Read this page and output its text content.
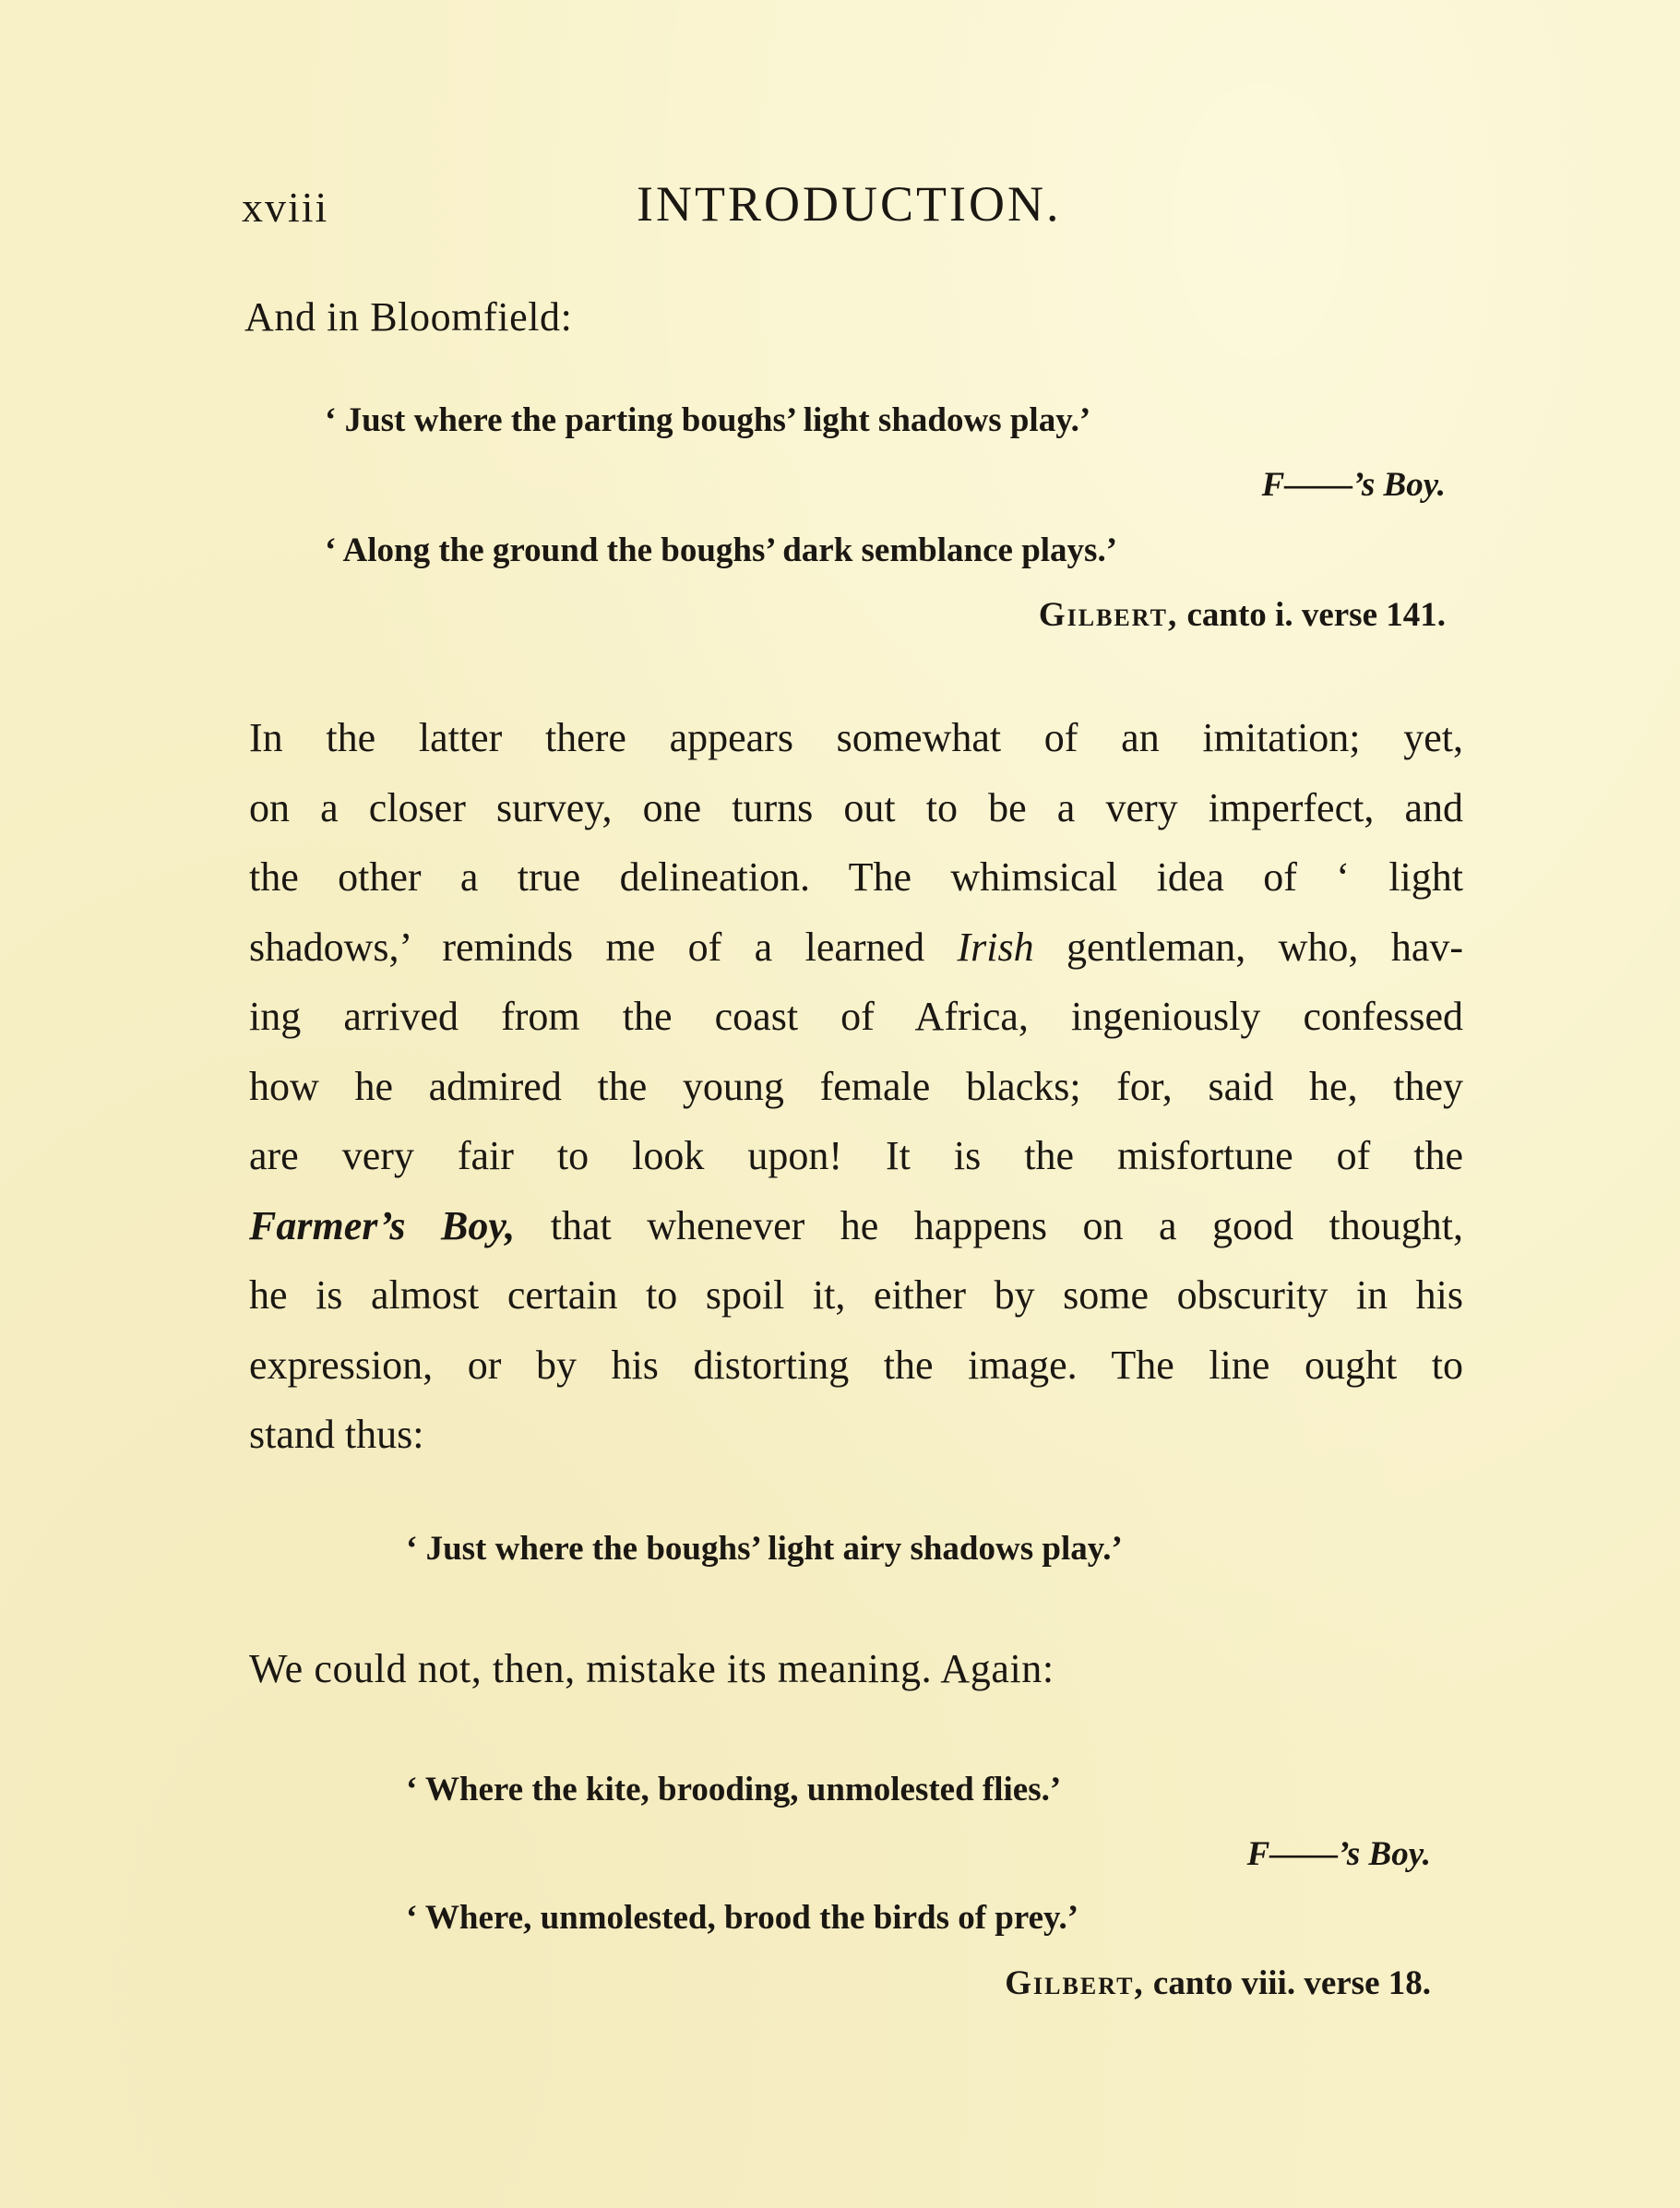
xviii	INTRODUCTION.
And in Bloomfield:
‘ Just where the parting boughs’ light shadows play.’
F——’s Boy.
‘ Along the ground the boughs’ dark semblance plays.’
Gilbert, canto i. verse 141.
In the latter there appears somewhat of an imitation; yet,
on a closer survey, one turns out to be a very imperfect, and
the other a true delineation. The whimsical idea of ‘ light
shadows,’ reminds me of a learned Irish gentleman, who, hav-
ing arrived from the coast of Africa, ingeniously confessed
how he admired the young female blacks; for, said he, they
are very fair to look upon! It is the misfortune of the
Farmer’s Boy, that whenever he happens on a good thought,
he is almost certain to spoil it, either by some obscurity in his
expression, or by his distorting the image. The line ought to
stand thus:
‘ Just where the boughs’ light airy shadows play.’
We could not, then, mistake its meaning. Again:
‘ Where the kite, brooding, unmolested flies.’
F——’s Boy.
‘ Where, unmolested, brood the birds of prey.’
Gilbert, canto viii. verse 18.
